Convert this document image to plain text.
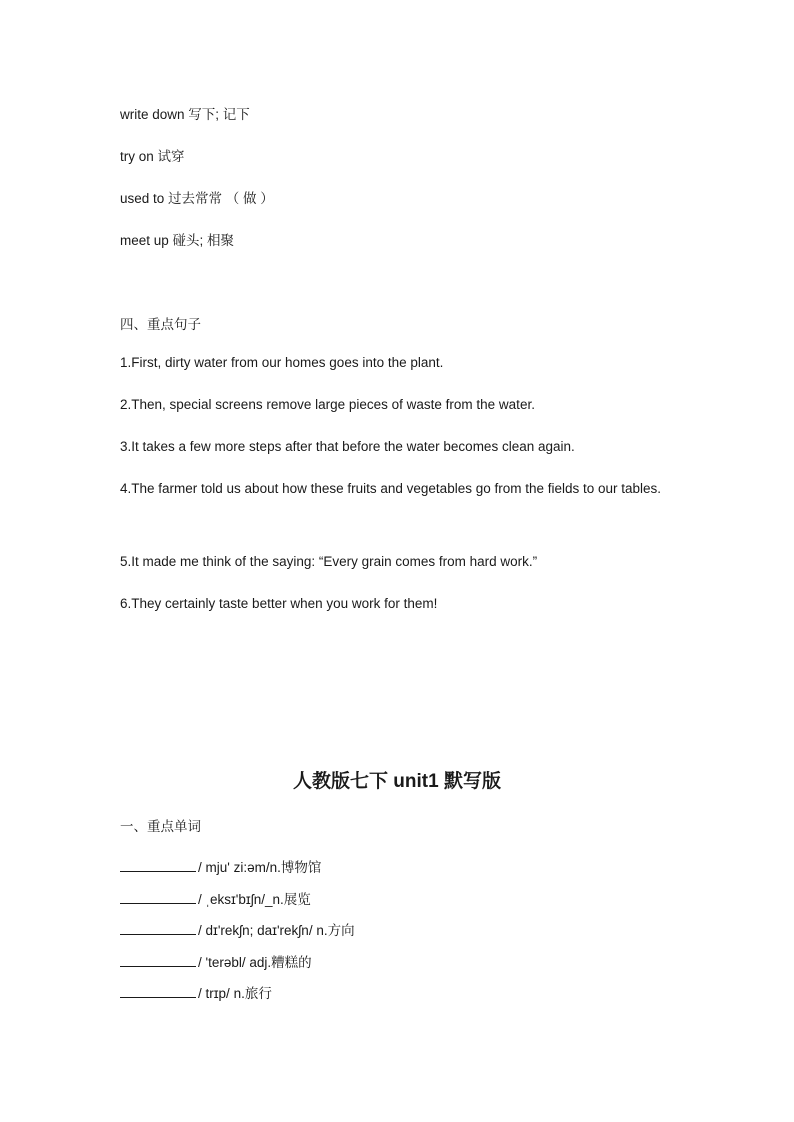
write down 写下; 记下
try on 试穿
used to 过去常常 （ 做 ）
meet up 碰头; 相聚
四、重点句子
1.First, dirty water from our homes goes into the plant.
2.Then, special screens remove large pieces of waste from the water.
3.It takes a few more steps after that before the water becomes clean again.
4.The farmer told us about how these fruits and vegetables go from the fields to our tables.
5.It made me think of the saying: “Every grain comes from hard work.”
6.They certainly taste better when you work for them!
人教版七下 unit1 默写版
一、重点单词
/ mju' zi:əm/n.博物馆
/ ˌeksɪ'bɪʃn/_n.展览
/ dɪ'rekʃn; daɪ'rekʃn/ n.方向
/ 'terəbl/ adj.糟糕的
/ trɪp/ n.旅行
